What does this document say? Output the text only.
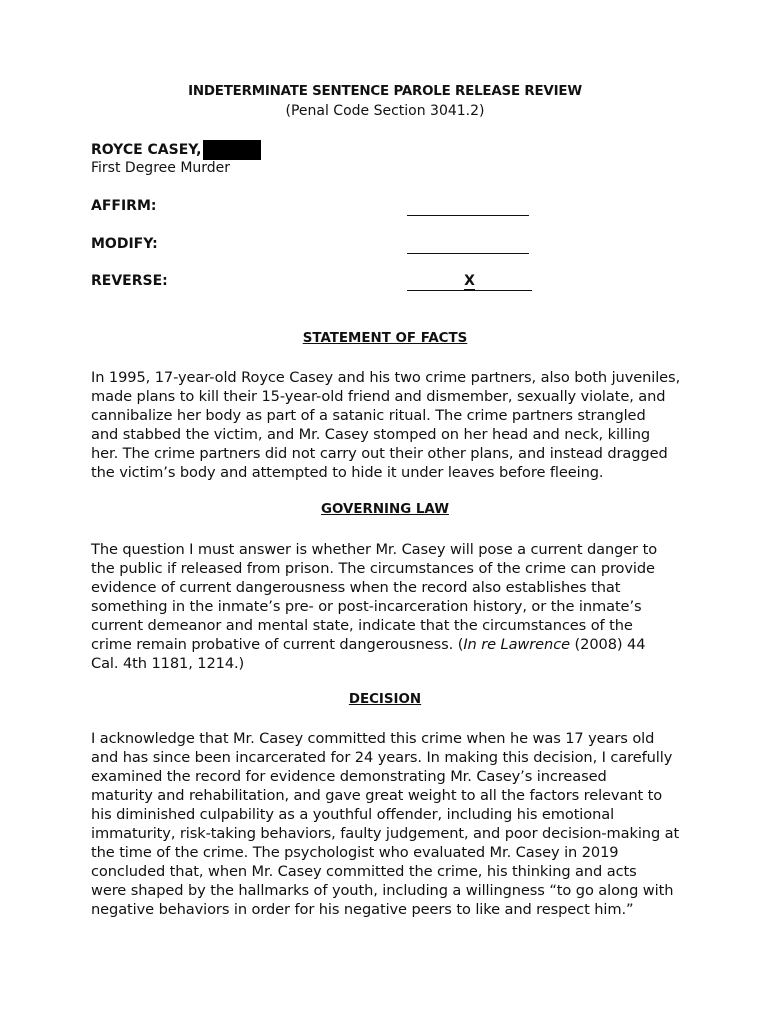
INDETERMINATE SENTENCE PAROLE RELEASE REVIEW
(Penal Code Section 3041.2)
ROYCE CASEY,
First Degree Murder
AFFIRM:
MODIFY:
REVERSE:	X
STATEMENT OF FACTS
In 1995, 17-year-old Royce Casey and his two crime partners, also both juveniles,
made plans to kill their 15-year-old friend and dismember, sexually violate, and
cannibalize her body as part of a satanic ritual. The crime partners strangled
and stabbed the victim, and Mr. Casey stomped on her head and neck, killing
her. The crime partners did not carry out their other plans, and instead dragged
the victim’s body and attempted to hide it under leaves before fleeing.
GOVERNING LAW
The question I must answer is whether Mr. Casey will pose a current danger to
the public if released from prison. The circumstances of the crime can provide
evidence of current dangerousness when the record also establishes that
something in the inmate’s pre- or post-incarceration history, or the inmate’s
current demeanor and mental state, indicate that the circumstances of the
crime remain probative of current dangerousness. (In re Lawrence (2008) 44
Cal. 4th 1181, 1214.)
DECISION
I acknowledge that Mr. Casey committed this crime when he was 17 years old
and has since been incarcerated for 24 years. In making this decision, I carefully
examined the record for evidence demonstrating Mr. Casey’s increased
maturity and rehabilitation, and gave great weight to all the factors relevant to
his diminished culpability as a youthful offender, including his emotional
immaturity, risk-taking behaviors, faulty judgement, and poor decision-making at
the time of the crime. The psychologist who evaluated Mr. Casey in 2019
concluded that, when Mr. Casey committed the crime, his thinking and acts
were shaped by the hallmarks of youth, including a willingness “to go along with
negative behaviors in order for his negative peers to like and respect him.”
